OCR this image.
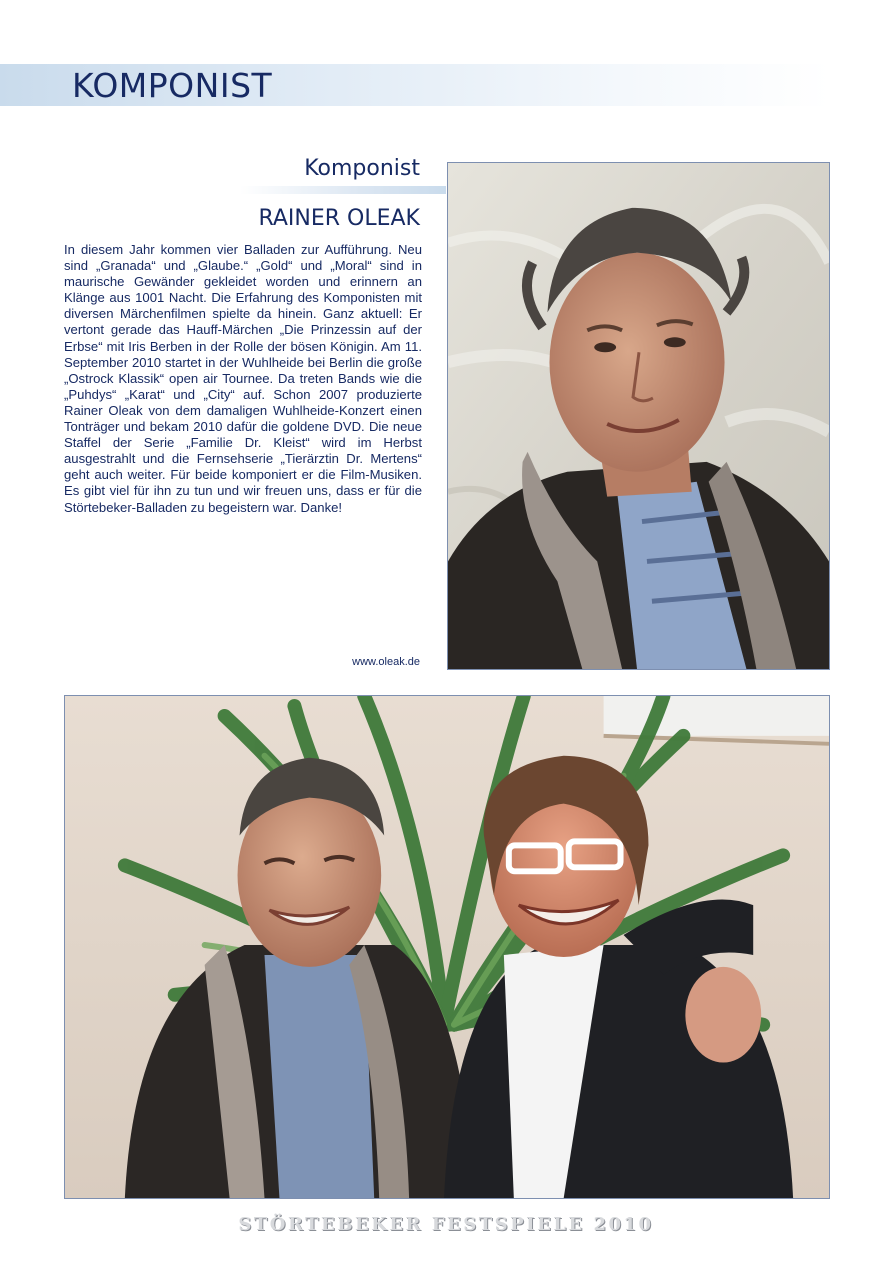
KOMPONIST
Komponist
RAINER OLEAK

In diesem Jahr kommen vier Balladen zur Aufführung. Neu sind „Granada“ und „Glaube.“ „Gold“ und „Moral“ sind in maurische Gewänder gekleidet worden und erinnern an Klänge aus 1001 Nacht. Die Erfahrung des Komponisten mit diversen Märchenfilmen spielte da hinein. Ganz aktuell: Er vertont gerade das Hauff-Märchen „Die Prinzessin auf der Erbse“ mit Iris Berben in der Rolle der bösen Königin. Am 11. September 2010 startet in der Wuhlheide bei Berlin die große „Ostrock Klassik“ open air Tournee. Da treten Bands wie die „Puhdys“ „Karat“ und „City“ auf. Schon 2007 produzierte Rainer Oleak von dem damaligen Wuhlheide-Konzert einen Tonträger und bekam 2010 dafür die goldene DVD. Die neue Staffel der Serie „Familie Dr. Kleist“ wird im Herbst ausgestrahlt und die Fernsehserie „Tierärztin Dr. Mertens“ geht auch weiter. Für beide komponiert er die Film-Musiken. Es gibt viel für ihn zu tun und wir freuen uns, dass er für die Störtebeker-Balladen zu begeistern war. Danke!

www.oleak.de
STÖRTEBEKER FESTSPIELE 2010
